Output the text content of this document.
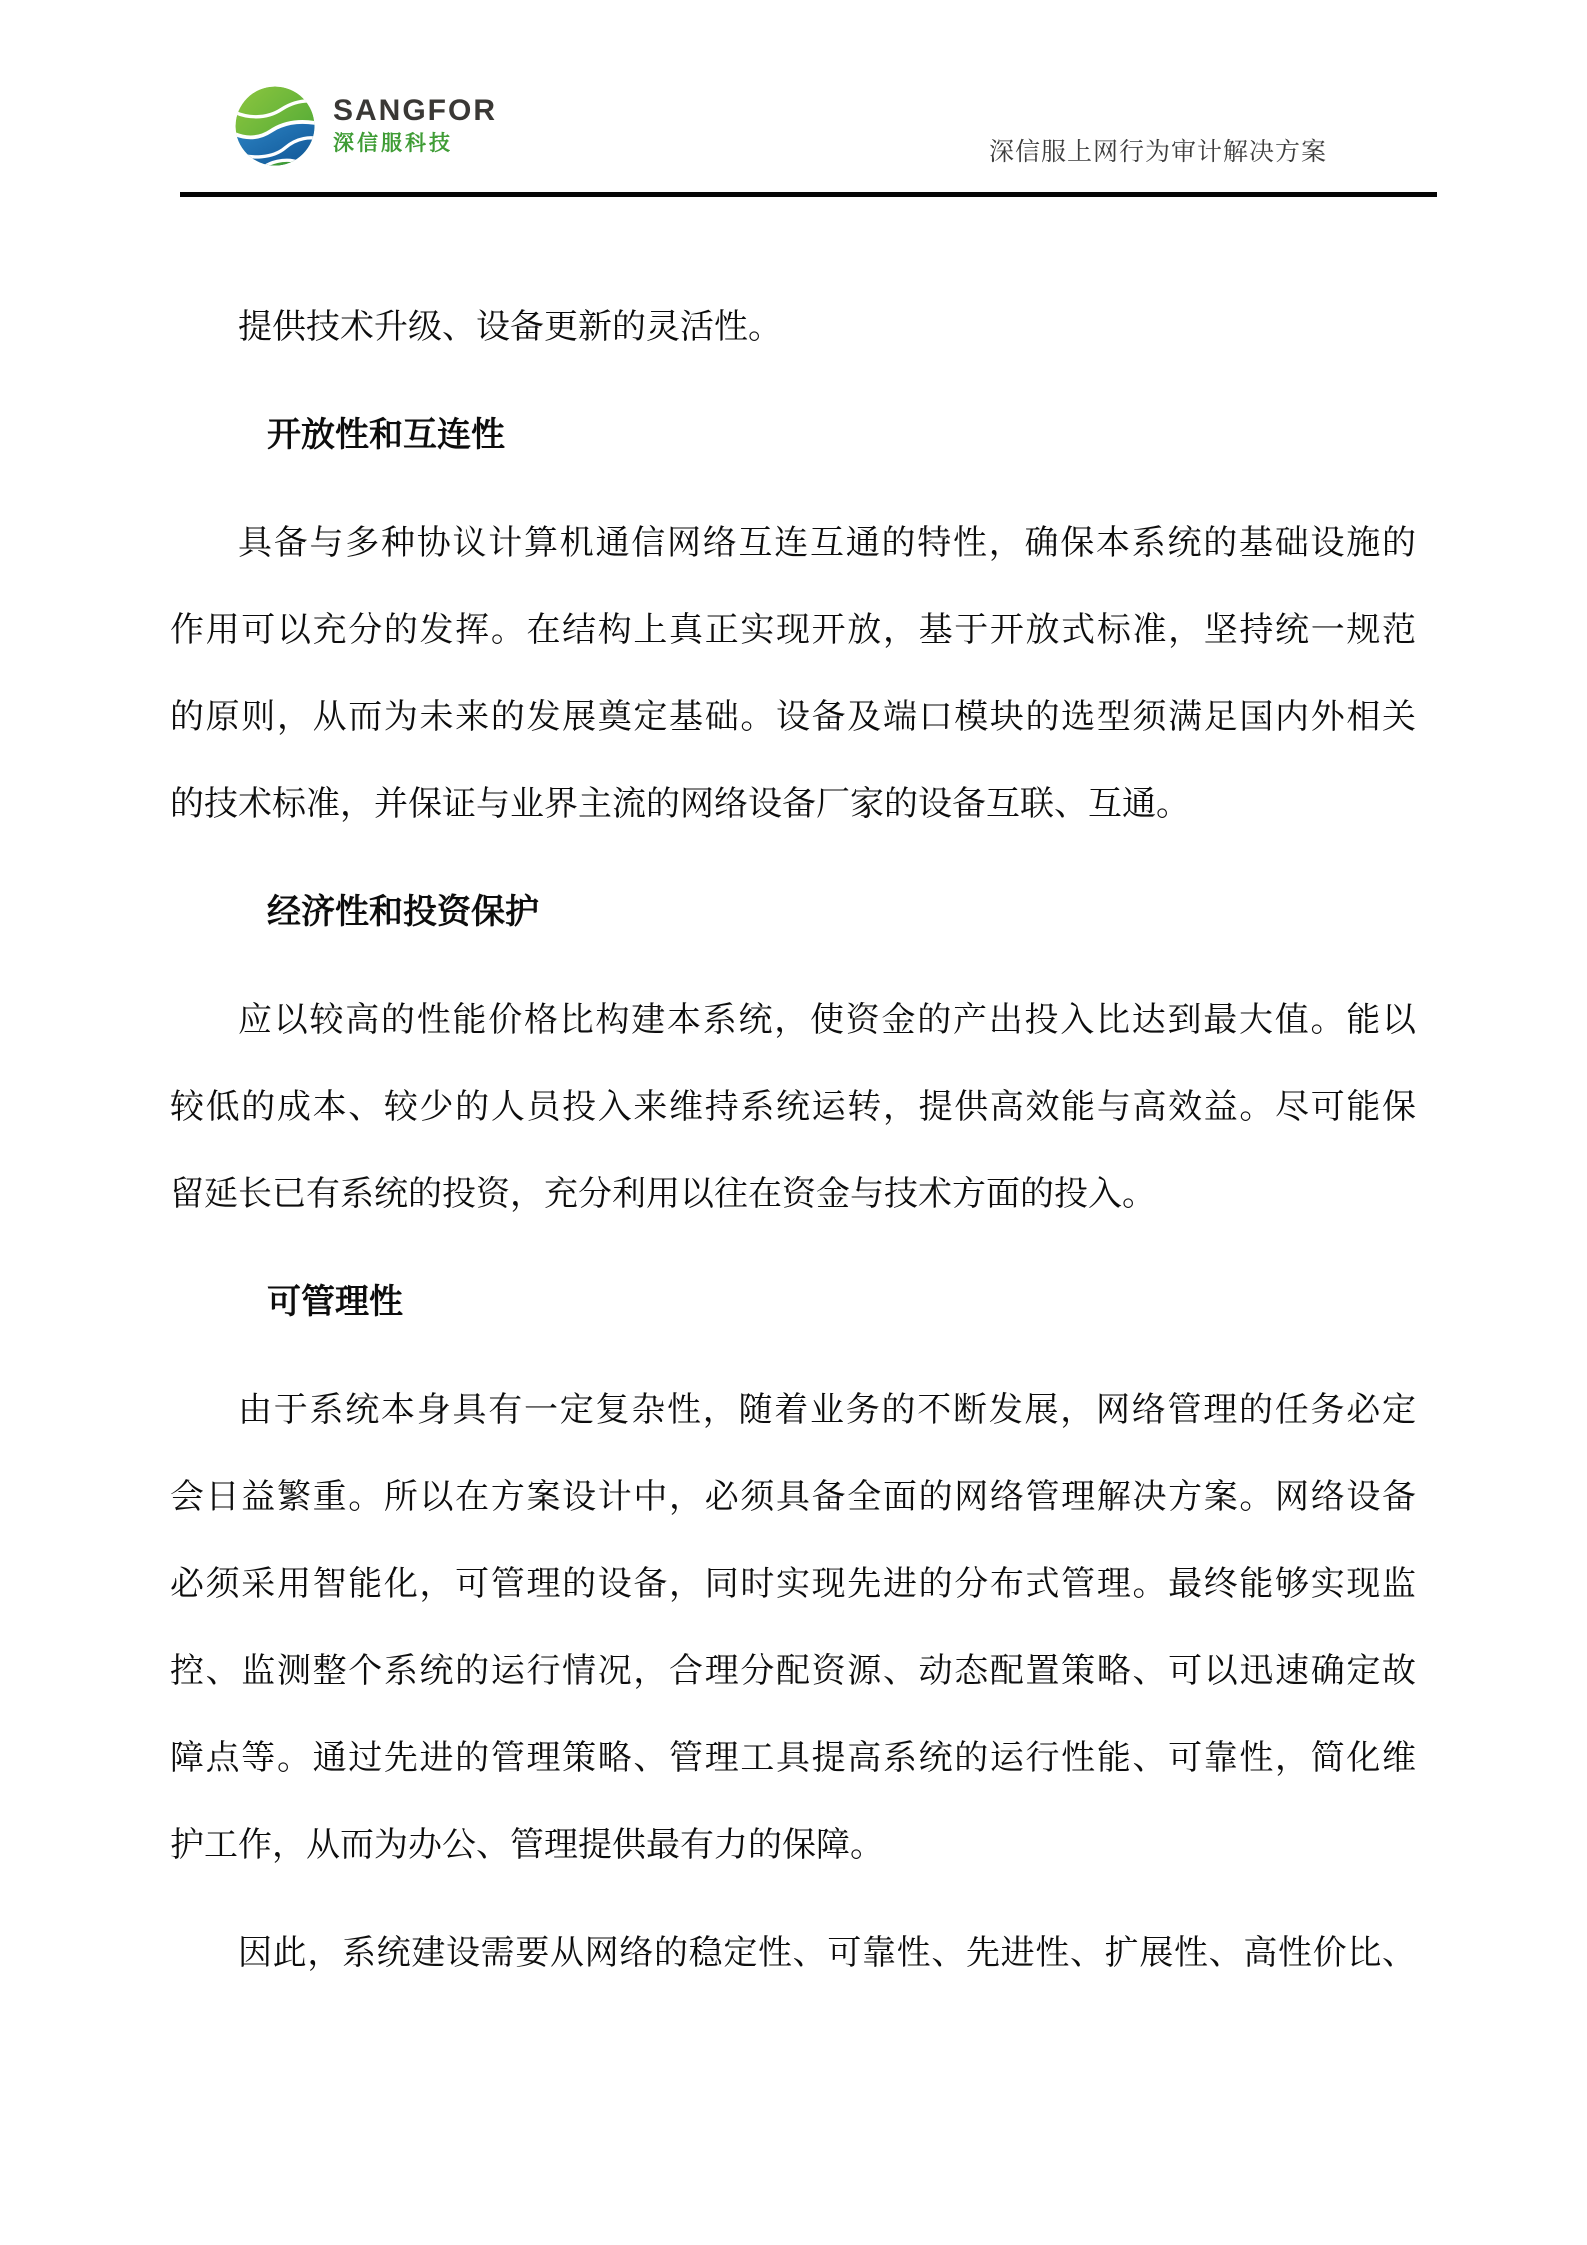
SANGFOR
深信服科技	深信服上网行为审计解决方案
提供技术升级、设备更新的灵活性。
开放性和互连性
具备与多种协议计算机通信网络互连互通的特性，确保本系统的基础设施的
作用可以充分的发挥。在结构上真正实现开放，基于开放式标准，坚持统一规范
的原则，从而为未来的发展奠定基础。设备及端口模块的选型须满足国内外相关
的技术标准，并保证与业界主流的网络设备厂家的设备互联、互通。
经济性和投资保护
应以较高的性能价格比构建本系统，使资金的产出投入比达到最大值。能以
较低的成本、较少的人员投入来维持系统运转，提供高效能与高效益。尽可能保
留延长已有系统的投资，充分利用以往在资金与技术方面的投入。
可管理性
由于系统本身具有一定复杂性，随着业务的不断发展，网络管理的任务必定
会日益繁重。所以在方案设计中，必须具备全面的网络管理解决方案。网络设备
必须采用智能化，可管理的设备，同时实现先进的分布式管理。最终能够实现监
控、监测整个系统的运行情况，合理分配资源、动态配置策略、可以迅速确定故
障点等。通过先进的管理策略、管理工具提高系统的运行性能、可靠性，简化维
护工作，从而为办公、管理提供最有力的保障。
因此，系统建设需要从网络的稳定性、可靠性、先进性、扩展性、高性价比、
